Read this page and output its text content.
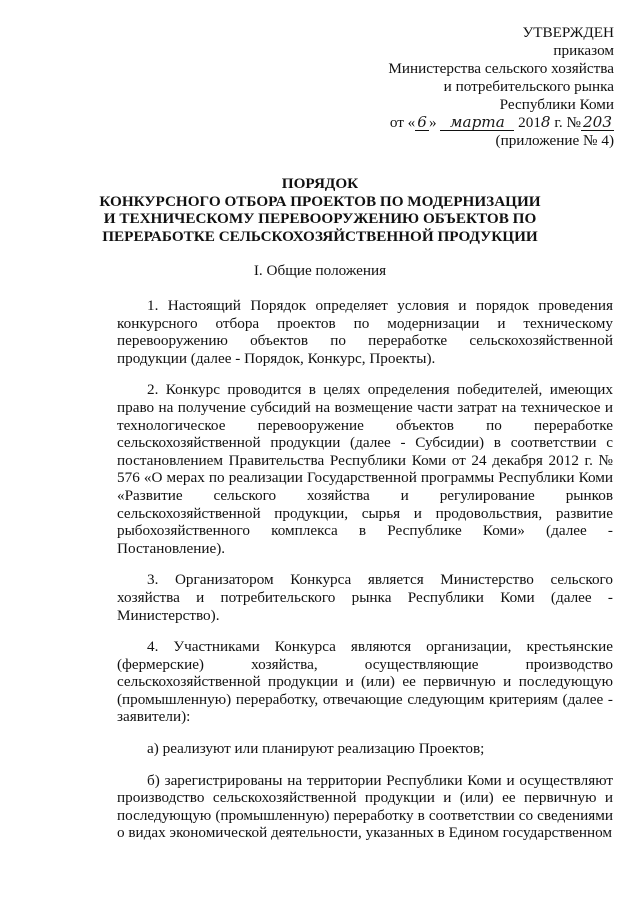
УТВЕРЖДЕН
приказом
Министерства сельского хозяйства
и потребительского рынка
Республики Коми
от « 6 » марта 2018 г. № 203
(приложение № 4)
ПОРЯДОК
КОНКУРСНОГО ОТБОРА ПРОЕКТОВ ПО МОДЕРНИЗАЦИИ
И ТЕХНИЧЕСКОМУ ПЕРЕВООРУЖЕНИЮ ОБЪЕКТОВ ПО
ПЕРЕРАБОТКЕ СЕЛЬСКОХОЗЯЙСТВЕННОЙ ПРОДУКЦИИ
I. Общие положения

1. Настоящий Порядок определяет условия и порядок проведения конкурсного отбора проектов по модернизации и техническому перевооружению объектов по переработке сельскохозяйственной продукции (далее - Порядок, Конкурс, Проекты).

2. Конкурс проводится в целях определения победителей, имеющих право на получение субсидий на возмещение части затрат на техническое и технологическое перевооружение объектов по переработке сельскохозяйственной продукции (далее - Субсидии) в соответствии с постановлением Правительства Республики Коми от 24 декабря 2012 г. № 576 «О мерах по реализации Государственной программы Республики Коми «Развитие сельского хозяйства и регулирование рынков сельскохозяйственной продукции, сырья и продовольствия, развитие рыбохозяйственного комплекса в Республике Коми» (далее - Постановление).

3. Организатором Конкурса является Министерство сельского хозяйства и потребительского рынка Республики Коми (далее - Министерство).

4. Участниками Конкурса являются организации, крестьянские (фермерские) хозяйства, осуществляющие производство сельскохозяйственной продукции и (или) ее первичную и последующую (промышленную) переработку, отвечающие следующим критериям (далее - заявители):

а) реализуют или планируют реализацию Проектов;

б) зарегистрированы на территории Республики Коми и осуществляют производство сельскохозяйственной продукции и (или) ее первичную и последующую (промышленную) переработку в соответствии со сведениями о видах экономической деятельности, указанных в Едином государственном
